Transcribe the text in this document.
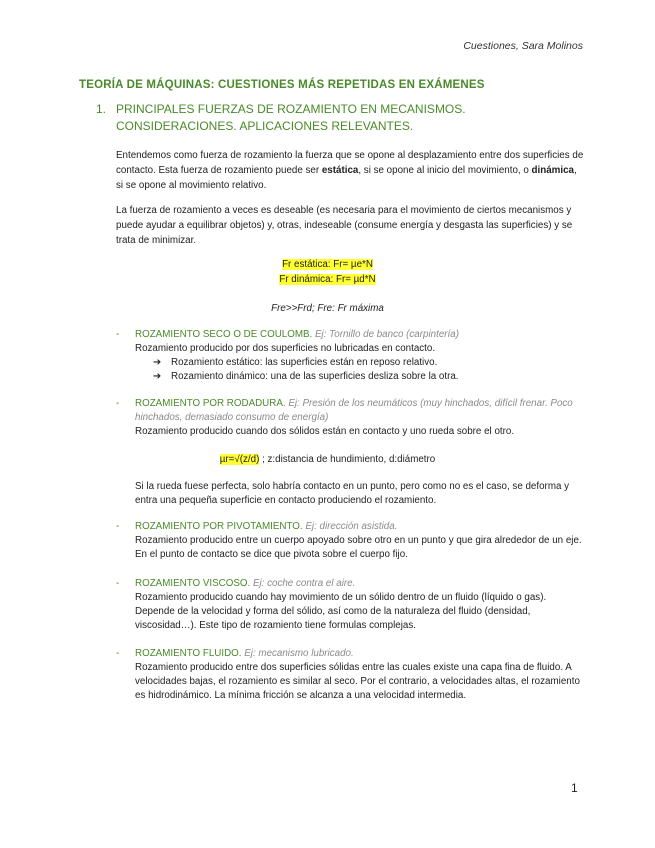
Cuestiones, Sara Molinos
TEORÍA DE MÁQUINAS: CUESTIONES MÁS REPETIDAS EN EXÁMENES
1. PRINCIPALES FUERZAS DE ROZAMIENTO EN MECANISMOS. CONSIDERACIONES. APLICACIONES RELEVANTES.
Entendemos como fuerza de rozamiento la fuerza que se opone al desplazamiento entre dos superficies de contacto. Esta fuerza de rozamiento puede ser estática, si se opone al inicio del movimiento, o dinámica, si se opone al movimiento relativo.
La fuerza de rozamiento a veces es deseable (es necesaria para el movimiento de ciertos mecanismos y puede ayudar a equilibrar objetos) y, otras, indeseable (consume energía y desgasta las superficies) y se trata de minimizar.
Fr estática: Fr= µe*N
Fr dinámica: Fr= µd*N
Fre>>Frd; Fre: Fr máxima
- ROZAMIENTO SECO O DE COULOMB. Ej: Tornillo de banco (carpintería)
Rozamiento producido por dos superficies no lubricadas en contacto.
➔ Rozamiento estático: las superficies están en reposo relativo.
➔ Rozamiento dinámico: una de las superficies desliza sobre la otra.
- ROZAMIENTO POR RODADURA. Ej: Presión de los neumáticos (muy hinchados, difícil frenar. Poco hinchados, demasiado consumo de energía)
Rozamiento producido cuando dos sólidos están en contacto y uno rueda sobre el otro.
µr=√(z/d) ; z:distancia de hundimiento, d:diámetro
Si la rueda fuese perfecta, solo habría contacto en un punto, pero como no es el caso, se deforma y entra una pequeña superficie en contacto produciendo el rozamiento.
- ROZAMIENTO POR PIVOTAMIENTO. Ej: dirección asistida.
Rozamiento producido entre un cuerpo apoyado sobre otro en un punto y que gira alrededor de un eje. En el punto de contacto se dice que pivota sobre el cuerpo fijo.
- ROZAMIENTO VISCOSO. Ej: coche contra el aire.
Rozamiento producido cuando hay movimiento de un sólido dentro de un fluido (líquido o gas). Depende de la velocidad y forma del sólido, así como de la naturaleza del fluido (densidad, viscosidad…). Este tipo de rozamiento tiene formulas complejas.
- ROZAMIENTO FLUIDO. Ej: mecanismo lubricado.
Rozamiento producido entre dos superficies sólidas entre las cuales existe una capa fina de fluido. A velocidades bajas, el rozamiento es similar al seco. Por el contrario, a velocidades altas, el rozamiento es hidrodinámico. La mínima fricción se alcanza a una velocidad intermedia.
1
